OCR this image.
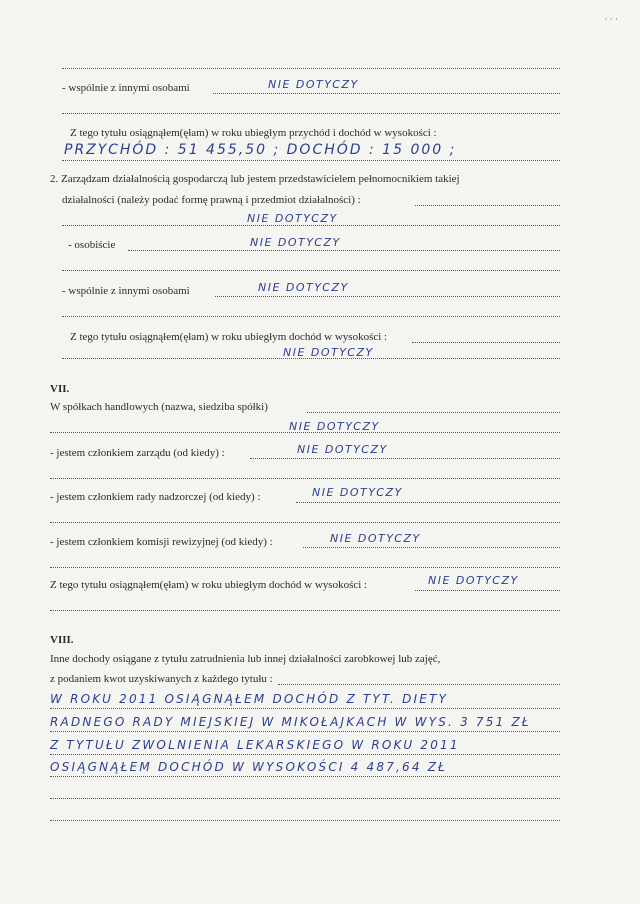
· · ·
- wspólnie z innymi osobami	NIE DOTYCZY
Z tego tytułu osiągnąłem(ęłam) w roku ubiegłym przychód i dochód w wysokości :
PRZYCHÓD : 51 455,50 ; DOCHÓD : 15 000 ;
2. Zarządzam działalnością gospodarczą lub jestem przedstawicielem pełnomocnikiem takiej
działalności (należy podać formę prawną i przedmiot działalności) :
NIE DOTYCZY
- osobiście	NIE DOTYCZY
- wspólnie z innymi osobami	NIE DOTYCZY
Z tego tytułu osiągnąłem(ęłam) w roku ubiegłym dochód w wysokości :
NIE DOTYCZY
VII.
W spółkach handlowych (nazwa, siedziba spółki)
NIE DOTYCZY
- jestem członkiem zarządu (od kiedy) :	NIE DOTYCZY
- jestem członkiem rady nadzorczej (od kiedy) :	NIE DOTYCZY
- jestem członkiem komisji rewizyjnej (od kiedy) :	NIE DOTYCZY
Z tego tytułu osiągnąłem(ęłam) w roku ubiegłym dochód w wysokości :	NIE DOTYCZY
VIII.
Inne dochody osiągane z tytułu zatrudnienia lub innej działalności zarobkowej lub zajęć,
z podaniem kwot uzyskiwanych z każdego tytułu :
W ROKU 2011 OSIĄGNĄŁEM DOCHÓD Z TYT. DIETY
RADNEGO RADY MIEJSKIEJ W MIKOŁAJKACH W WYS. 3 751 ZŁ
Z TYTUŁU ZWOLNIENIA LEKARSKIEGO W ROKU 2011
OSIĄGNĄŁEM DOCHÓD W WYSOKOŚCI 4 487,64 ZŁ
